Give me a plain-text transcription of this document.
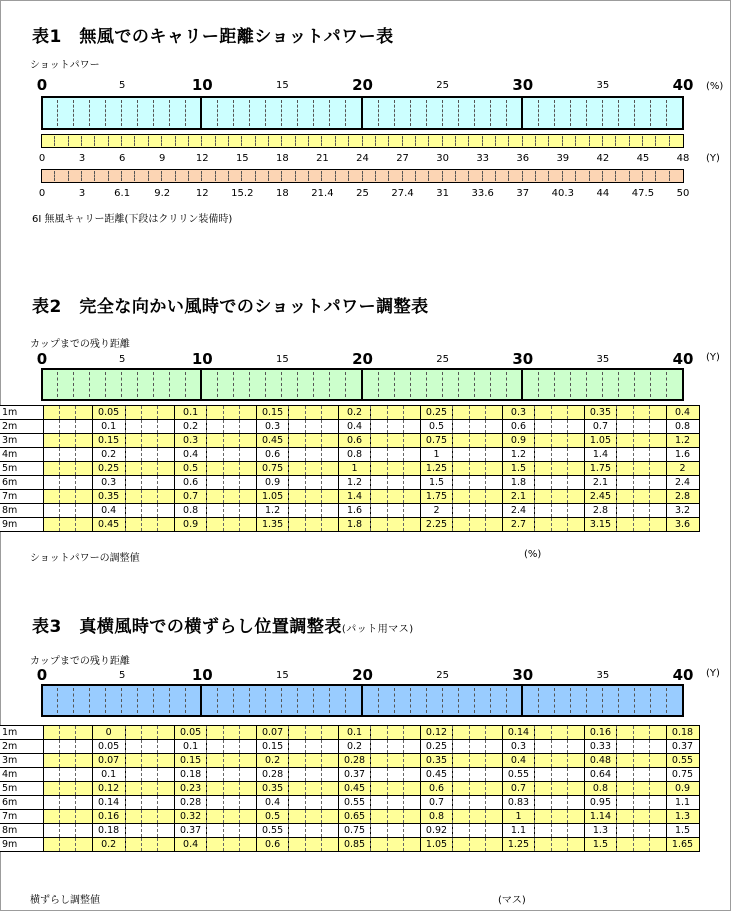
表1　無風でのキャリー距離ショットパワー表
ショットパワー
0	10	20	30	40
5	15	25	35	(%)
0	3	6	9	12	15	18	21	24	27	30	33	36	39	42	45	48 (Y)
0	3	6.1 9.2	12 15.2 18 21.4 25 27.4 31 33.6 37 40.3 44 47.5 50
6I 無風キャリー距離(下段はクリリン装備時)
表2　完全な向かい風時でのショットパワー調整表
カップまでの残り距離
0	10	20	30	40
5	15	25	35	(Y)
1m				0.05					0.1					0.15					0.2					0.25					0.3					0.35					0.4	
2m				0.1					0.2					0.3					0.4					0.5					0.6					0.7					0.8	
3m				0.15					0.3					0.45					0.6					0.75					0.9					1.05					1.2	
4m				0.2					0.4					0.6					0.8					1					1.2					1.4					1.6	
5m				0.25					0.5					0.75					1					1.25					1.5					1.75					2	
6m				0.3					0.6					0.9					1.2					1.5					1.8					2.1					2.4	
7m				0.35					0.7					1.05					1.4					1.75					2.1					2.45					2.8	
8m				0.4					0.8					1.2					1.6					2					2.4					2.8					3.2	
9m				0.45					0.9					1.35					1.8					2.25					2.7					3.15					3.6	
ショットパワーの調整値	(%)
表3　真横風時での横ずらし位置調整表(パット用マス)
カップまでの残り距離
0	10	20	30	40
5	15	25	35	(Y)
1m				0					0.05					0.07					0.1					0.12					0.14					0.16					0.18	
2m				0.05					0.1					0.15					0.2					0.25					0.3					0.33					0.37	
3m				0.07					0.15					0.2					0.28					0.35					0.4					0.48					0.55	
4m				0.1					0.18					0.28					0.37					0.45					0.55					0.64					0.75	
5m				0.12					0.23					0.35					0.45					0.6					0.7					0.8					0.9	
6m				0.14					0.28					0.4					0.55					0.7					0.83					0.95					1.1	
7m				0.16					0.32					0.5					0.65					0.8					1					1.14					1.3	
8m				0.18					0.37					0.55					0.75					0.92					1.1					1.3					1.5	
9m				0.2					0.4					0.6					0.85					1.05					1.25					1.5					1.65	
横ずらし調整値	(マス)
